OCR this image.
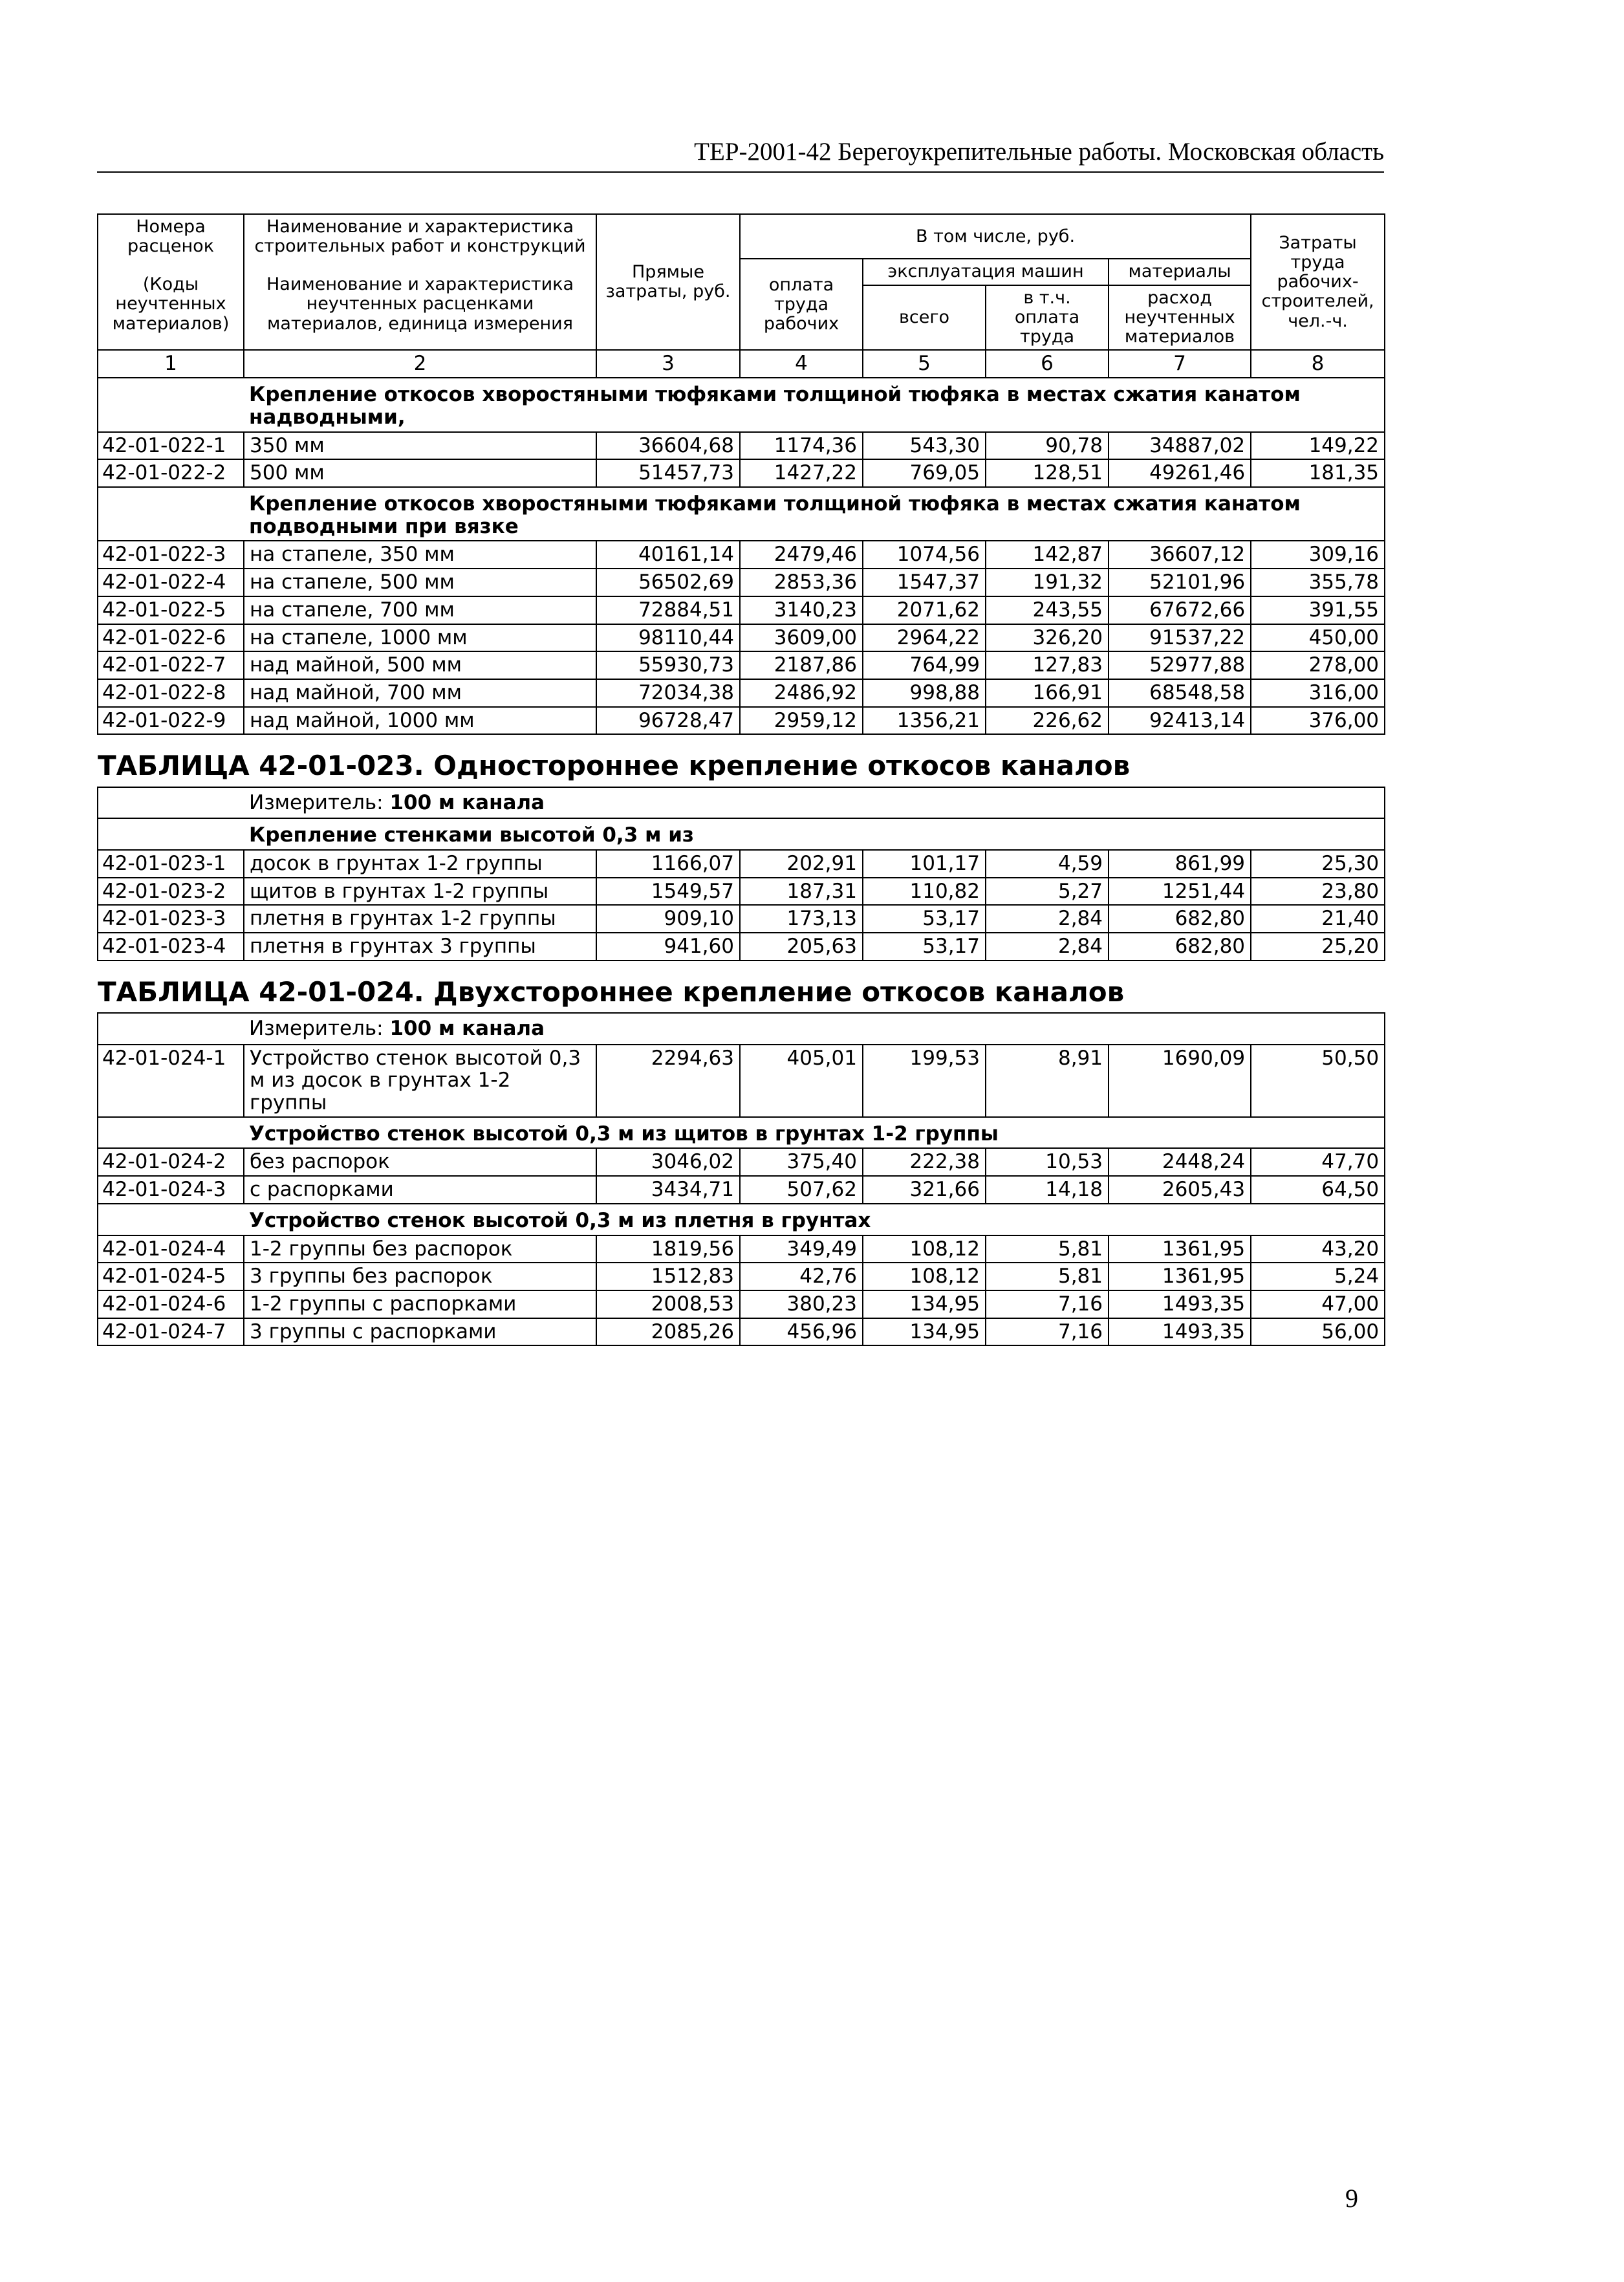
ТЕР-2001-42 Берегоукрепительные работы. Московская область
Номера расценок	Наименование и характеристика строительных работ и конструкций	Прямые затраты, руб.	В том числе, руб.				Затраты труда рабочих-строителей, чел.-ч.
(Коды неучтенных материалов)	Наименование и характеристика неучтенных расценками материалов, единица измерения		оплата труда рабочих	эксплуатация машин		материалы	
				всего	в т.ч. оплата труда	расход неучтенных материалов	
1	2	3	4	5	6	7	8
	Крепление откосов хворостяными тюфяками толщиной тюфяка в местах сжатия канатом надводными,						
42-01-022-1	350 мм	36604,68	1174,36	543,30	90,78	34887,02	149,22
42-01-022-2	500 мм	51457,73	1427,22	769,05	128,51	49261,46	181,35
	Крепление откосов хворостяными тюфяками толщиной тюфяка в местах сжатия канатом подводными при вязке						
42-01-022-3	на стапеле, 350 мм	40161,14	2479,46	1074,56	142,87	36607,12	309,16
42-01-022-4	на стапеле, 500 мм	56502,69	2853,36	1547,37	191,32	52101,96	355,78
42-01-022-5	на стапеле, 700 мм	72884,51	3140,23	2071,62	243,55	67672,66	391,55
42-01-022-6	на стапеле, 1000 мм	98110,44	3609,00	2964,22	326,20	91537,22	450,00
42-01-022-7	над майной, 500 мм	55930,73	2187,86	764,99	127,83	52977,88	278,00
42-01-022-8	над майной, 700 мм	72034,38	2486,92	998,88	166,91	68548,58	316,00
42-01-022-9	над майной, 1000 мм	96728,47	2959,12	1356,21	226,62	92413,14	376,00
ТАБЛИЦА 42-01-023. Одностороннее крепление откосов каналов							
	Измеритель: 100 м канала						
	Крепление стенками высотой 0,3 м из						
42-01-023-1	досок в грунтах 1-2 группы	1166,07	202,91	101,17	4,59	861,99	25,30
42-01-023-2	щитов в грунтах 1-2 группы	1549,57	187,31	110,82	5,27	1251,44	23,80
42-01-023-3	плетня в грунтах 1-2 группы	909,10	173,13	53,17	2,84	682,80	21,40
42-01-023-4	плетня в грунтах 3 группы	941,60	205,63	53,17	2,84	682,80	25,20
ТАБЛИЦА 42-01-024. Двухстороннее крепление откосов каналов							
	Измеритель: 100 м канала						
42-01-024-1	Устройство стенок высотой 0,3 м из досок в грунтах 1-2 группы	2294,63	405,01	199,53	8,91	1690,09	50,50
	Устройство стенок высотой 0,3 м из щитов в грунтах 1-2 группы						
42-01-024-2	без распорок	3046,02	375,40	222,38	10,53	2448,24	47,70
42-01-024-3	с распорками	3434,71	507,62	321,66	14,18	2605,43	64,50
	Устройство стенок высотой 0,3 м из плетня в грунтах						
42-01-024-4	1-2 группы без распорок	1819,56	349,49	108,12	5,81	1361,95	43,20
42-01-024-5	3 группы без распорок	1512,83	42,76	108,12	5,81	1361,95	5,24
42-01-024-6	1-2 группы с распорками	2008,53	380,23	134,95	7,16	1493,35	47,00
42-01-024-7	3 группы с распорками	2085,26	456,96	134,95	7,16	1493,35	56,00
9
